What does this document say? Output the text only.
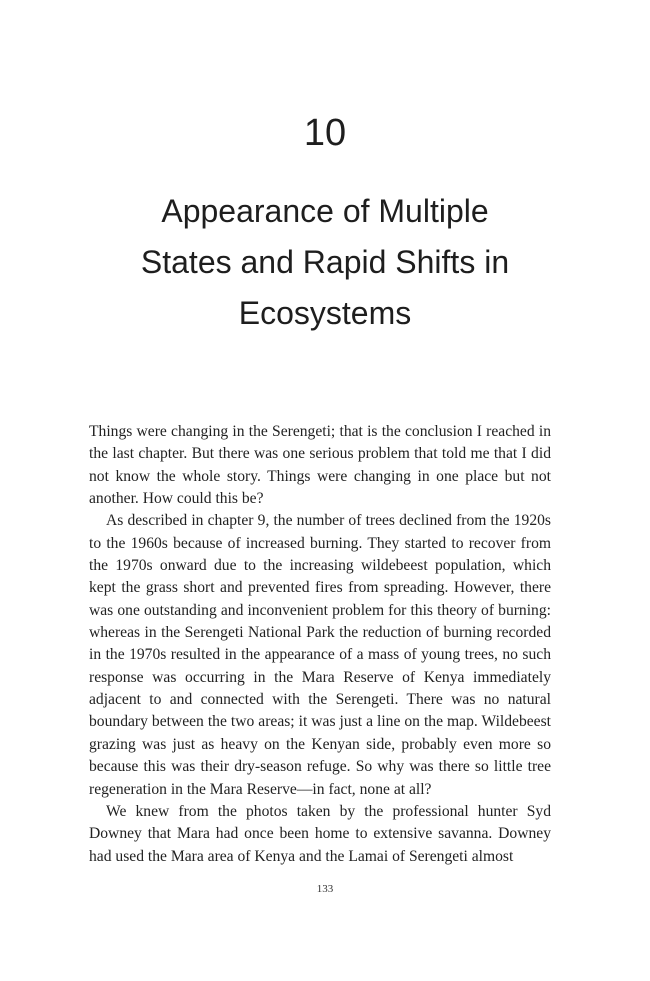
10
Appearance of Multiple
States and Rapid Shifts in
Ecosystems

Things were changing in the Serengeti; that is the conclusion I reached in the last chapter. But there was one serious problem that told me that I did not know the whole story. Things were changing in one place but not another. How could this be?

As described in chapter 9, the number of trees declined from the 1920s to the 1960s because of increased burning. They started to recover from the 1970s onward due to the increasing wildebeest population, which kept the grass short and prevented fires from spreading. However, there was one outstanding and inconvenient problem for this theory of burning: whereas in the Serengeti National Park the reduction of burning recorded in the 1970s resulted in the appearance of a mass of young trees, no such response was occurring in the Mara Reserve of Kenya immediately adjacent to and connected with the Serengeti. There was no natural boundary between the two areas; it was just a line on the map. Wildebeest grazing was just as heavy on the Kenyan side, probably even more so because this was their dry-season refuge. So why was there so little tree regeneration in the Mara Reserve—in fact, none at all?

We knew from the photos taken by the professional hunter Syd Downey that Mara had once been home to extensive savanna. Downey had used the Mara area of Kenya and the Lamai of Serengeti almost

133
